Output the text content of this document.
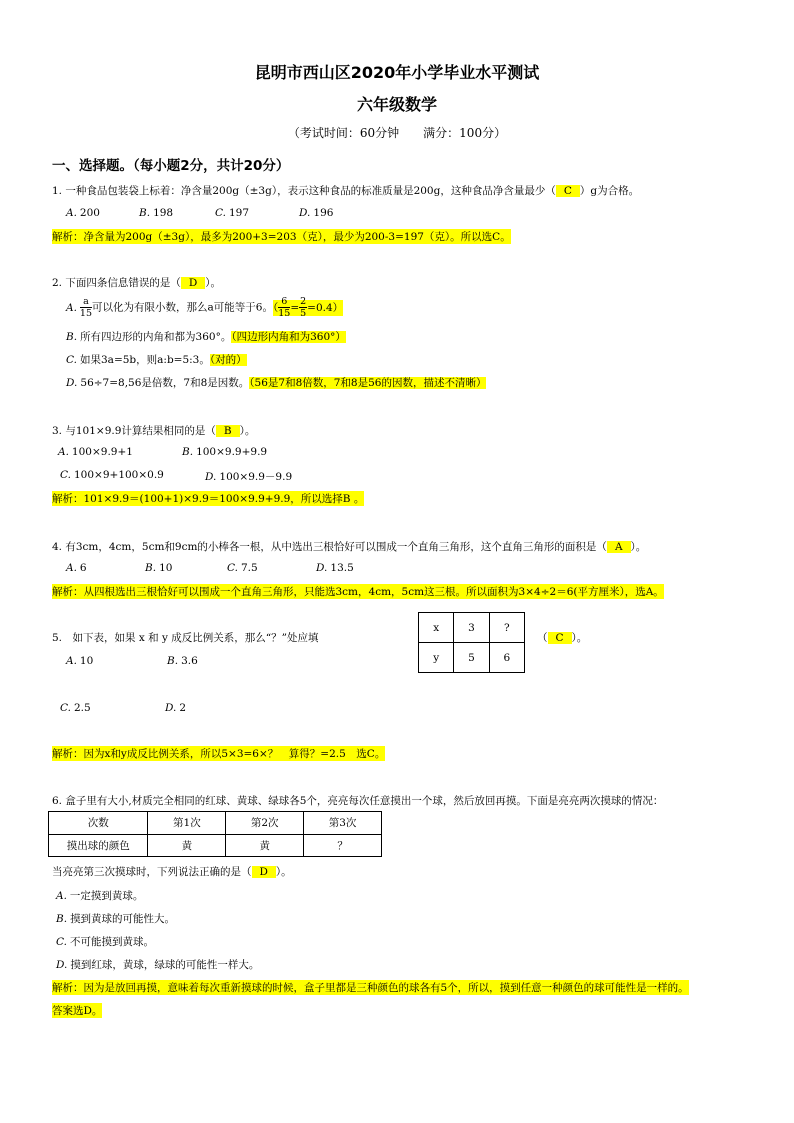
昆明市西山区2020年小学毕业水平测试
六年级数学
（考试时间：60分钟　　满分：100分）
一、选择题。（每小题2分，共计20分）
1. 一种食品包装袋上标着：净含量200g（±3g），表示这种食品的标准质量是200g，这种食品净含量最少（ C ）g为合格。
A. 200	B. 198	C. 197	D. 196
解析：净含量为200g（±3g），最多为200+3=203（克），最少为200-3=197（克）。所以选C。
2. 下面四条信息错误的是（ D ）。
A. $\frac{a}{15}$ 可以化为有限小数，那么a可能等于6。（ $\frac{6}{15} = \frac{2}{5} =0.4$）
B. 所有四边形的内角和都为360°。（四边形内角和为360°）
C. 如果3a=5b，则a:b=5:3。（对的）
D. 56÷7=8,56是倍数，7和8是因数。（56是7和8倍数，7和8是56的因数，描述不清晰）
3. 与101×9.9计算结果相同的是（ B ）。
A. 100×9.9+1	B. 100×9.9+9.9
C. 100×9+100×0.9	D. 100×9.9－9.9
解析：101×9.9＝(100+1)×9.9＝100×9.9+9.9，所以选择B 。
4. 有3cm，4cm，5cm和9cm的小棒各一根，从中选出三根恰好可以围成一个直角三角形，这个直角三角形的面积是（ A ）。
A. 6	B. 10	C. 7.5	D. 13.5
解析：从四根选出三根恰好可以围成一个直角三角形，只能选3cm，4cm，5cm这三根。所以面积为3×4÷2＝6(平方厘米），选A。
5.　如下表，如果 x 和 y 成反比例关系，那么“？”处应填
x	3	?
y	5	6
（ C ）。
A. 10	B. 3.6
C. 2.5	D. 2
解析：因为x和y成反比例关系，所以5×3=6×？　算得？=2.5　选C。
6. 盒子里有大小,材质完全相同的红球、黄球、绿球各5个，亮亮每次任意摸出一个球，然后放回再摸。下面是亮亮两次摸球的情况：
次数	第1次	第2次	第3次
摸出球的颜色	黄	黄	？
当亮亮第三次摸球时，下列说法正确的是（ D ）。
A. 一定摸到黄球。
B. 摸到黄球的可能性大。
C. 不可能摸到黄球。
D. 摸到红球，黄球，绿球的可能性一样大。
解析：因为是放回再摸，意味着每次重新摸球的时候，盒子里都是三种颜色的球各有5个，所以，摸到任意一种颜色的球可能性是一样的。
答案选D。
